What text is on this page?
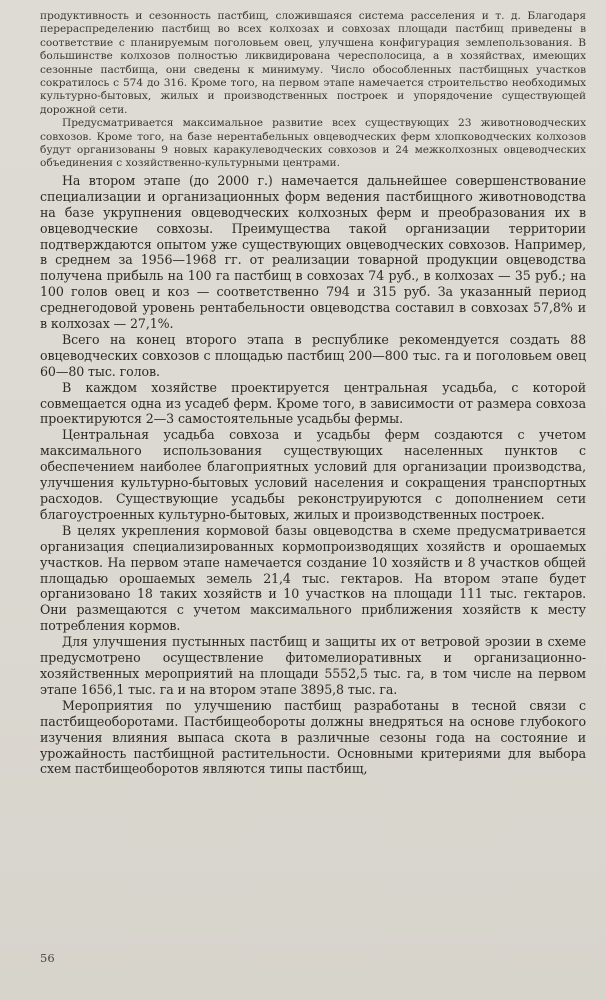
продуктивность и сезонность пастбищ, сложившаяся система расселения и т. д. Благодаря перераспределению пастбищ во всех колхозах и совхозах площади пастбищ приведены в соответствие с планируемым поголовьем овец, улучшена конфигурация землепользования. В большинстве колхозов полностью ликвидирована чересполосица, а в хозяйствах, имеющих сезонные пастбища, они сведены к минимуму. Число обособленных пастбищных участков сократилось с 574 до 316. Кроме того, на первом этапе намечается строительство необходимых культурно-бытовых, жилых и производственных построек и упорядочение существующей дорожной сети.

Предусматривается максимальное развитие всех существующих 23 животноводческих совхозов. Кроме того, на базе нерентабельных овцеводческих ферм хлопководческих колхозов будут организованы 9 новых каракулеводческих совхозов и 24 межколхозных овцеводческих объединения с хозяйственно-культурными центрами.

На втором этапе (до 2000 г.) намечается дальнейшее совершенствование специализации и организационных форм ведения пастбищного животноводства на базе укрупнения овцеводческих колхозных ферм и преобразования их в овцеводческие совхозы. Преимущества такой организации территории подтверждаются опытом уже существующих овцеводческих совхозов. Например, в среднем за 1956—1968 гг. от реализации товарной продукции овцеводства получена прибыль на 100 га пастбищ в совхозах 74 руб., в колхозах — 35 руб.; на 100 голов овец и коз — соответственно 794 и 315 руб. За указанный период среднегодовой уровень рентабельности овцеводства составил в совхозах 57,8% и в колхозах — 27,1%.

Всего на конец второго этапа в республике рекомендуется создать 88 овцеводческих совхозов с площадью пастбищ 200—800 тыс. га и поголовьем овец 60—80 тыс. голов.

В каждом хозяйстве проектируется центральная усадьба, с которой совмещается одна из усадеб ферм. Кроме того, в зависимости от размера совхоза проектируются 2—3 самостоятельные усадьбы фермы.

Центральная усадьба совхоза и усадьбы ферм создаются с учетом максимального использования существующих населенных пунктов с обеспечением наиболее благоприятных условий для организации производства, улучшения культурно-бытовых условий населения и сокращения транспортных расходов. Существующие усадьбы реконструируются с дополнением сети благоустроенных культурно-бытовых, жилых и производственных построек.

В целях укрепления кормовой базы овцеводства в схеме предусматривается организация специализированных кормопроизводящих хозяйств и орошаемых участков. На первом этапе намечается создание 10 хозяйств и 8 участков общей площадью орошаемых земель 21,4 тыс. гектаров. На втором этапе будет организовано 18 таких хозяйств и 10 участков на площади 111 тыс. гектаров. Они размещаются с учетом максимального приближения хозяйств к месту потребления кормов.

Для улучшения пустынных пастбищ и защиты их от ветровой эрозии в схеме предусмотрено осуществление фитомелиоративных и организационно-хозяйственных мероприятий на площади 5552,5 тыс. га, в том числе на первом этапе 1656,1 тыс. га и на втором этапе 3895,8 тыс. га.

Мероприятия по улучшению пастбищ разработаны в тесной связи с пастбищеоборотами. Пастбищеобороты должны внедряться на основе глубокого изучения влияния выпаса скота в различные сезоны года на состояние и урожайность пастбищной растительности. Основными критериями для выбора схем пастбищеоборотов являются типы пастбищ,

56
